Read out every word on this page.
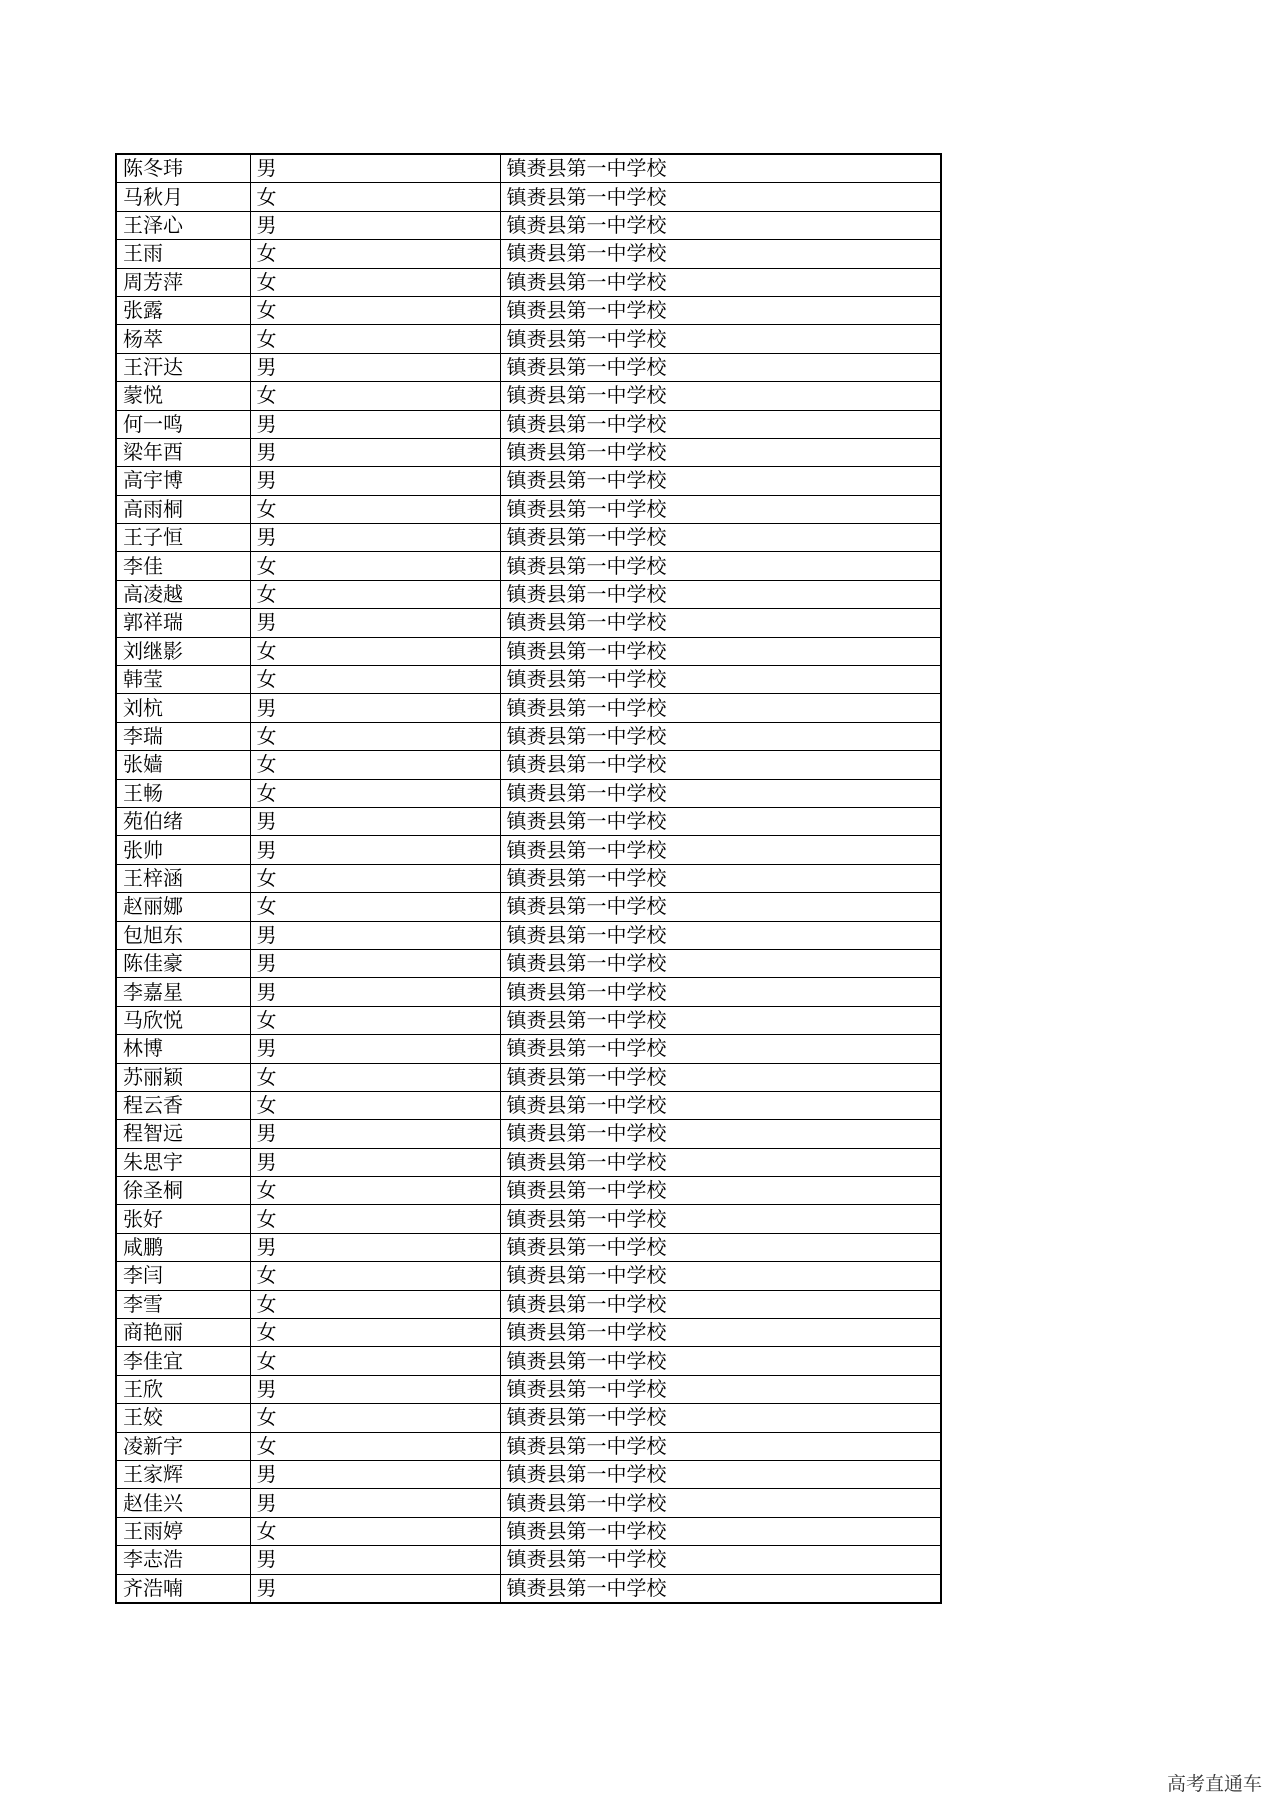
陈冬玮	男	镇赉县第一中学校
马秋月	女	镇赉县第一中学校
王泽心	男	镇赉县第一中学校
王雨	女	镇赉县第一中学校
周芳萍	女	镇赉县第一中学校
张露	女	镇赉县第一中学校
杨萃	女	镇赉县第一中学校
王汗达	男	镇赉县第一中学校
蒙悦	女	镇赉县第一中学校
何一鸣	男	镇赉县第一中学校
梁年酉	男	镇赉县第一中学校
高宇博	男	镇赉县第一中学校
高雨桐	女	镇赉县第一中学校
王子恒	男	镇赉县第一中学校
李佳	女	镇赉县第一中学校
高凌越	女	镇赉县第一中学校
郭祥瑞	男	镇赉县第一中学校
刘继影	女	镇赉县第一中学校
韩莹	女	镇赉县第一中学校
刘杭	男	镇赉县第一中学校
李瑞	女	镇赉县第一中学校
张嫱	女	镇赉县第一中学校
王畅	女	镇赉县第一中学校
苑伯绪	男	镇赉县第一中学校
张帅	男	镇赉县第一中学校
王梓涵	女	镇赉县第一中学校
赵丽娜	女	镇赉县第一中学校
包旭东	男	镇赉县第一中学校
陈佳豪	男	镇赉县第一中学校
李嘉星	男	镇赉县第一中学校
马欣悦	女	镇赉县第一中学校
林博	男	镇赉县第一中学校
苏丽颖	女	镇赉县第一中学校
程云香	女	镇赉县第一中学校
程智远	男	镇赉县第一中学校
朱思宇	男	镇赉县第一中学校
徐圣桐	女	镇赉县第一中学校
张好	女	镇赉县第一中学校
咸鹏	男	镇赉县第一中学校
李闫	女	镇赉县第一中学校
李雪	女	镇赉县第一中学校
商艳丽	女	镇赉县第一中学校
李佳宜	女	镇赉县第一中学校
王欣	男	镇赉县第一中学校
王姣	女	镇赉县第一中学校
凌新宇	女	镇赉县第一中学校
王家辉	男	镇赉县第一中学校
赵佳兴	男	镇赉县第一中学校
王雨婷	女	镇赉县第一中学校
李志浩	男	镇赉县第一中学校
齐浩喃	男	镇赉县第一中学校
高考直通车
